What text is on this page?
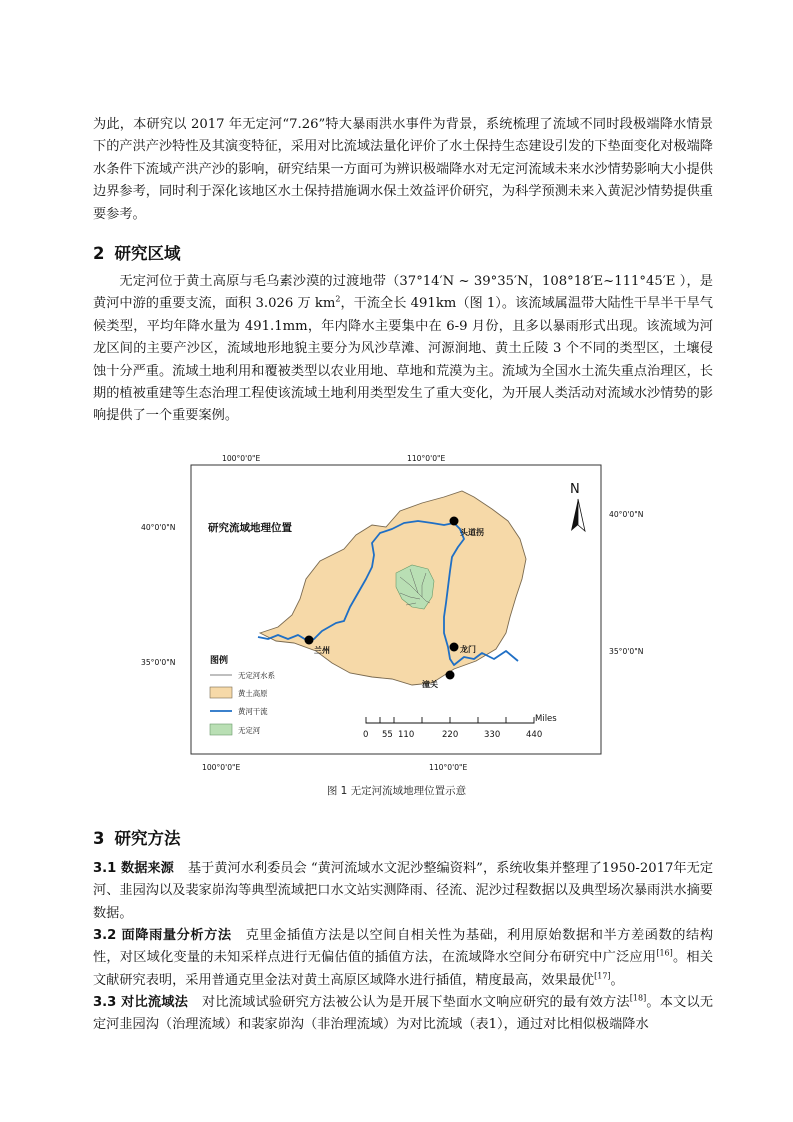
为此，本研究以 2017 年无定河“7.26”特大暴雨洪水事件为背景，系统梳理了流域不同时段极端降水情景下的产洪产沙特性及其演变特征，采用对比流域法量化评价了水土保持生态建设引发的下垫面变化对极端降水条件下流域产洪产沙的影响，研究结果一方面可为辨识极端降水对无定河流域未来水沙情势影响大小提供边界参考，同时利于深化该地区水土保持措施调水保土效益评价研究，为科学预测未来入黄泥沙情势提供重要参考。

2 研究区域

无定河位于黄土高原与毛乌素沙漠的过渡地带（37°14′N ~ 39°35′N，108°18′E~111°45′E ），是黄河中游的重要支流，面积 3.026 万 $km^2$，干流全长 491km（图 1）。该流域属温带大陆性干旱半干旱气候类型，平均年降水量为 491.1mm，年内降水主要集中在 6-9 月份，且多以暴雨形式出现。该流域为河龙区间的主要产沙区，流域地形地貌主要分为风沙草滩、河源涧地、黄土丘陵 3 个不同的类型区，土壤侵蚀十分严重。流域土地利用和覆被类型以农业用地、草地和荒漠为主。流域为全国水土流失重点治理区，长期的植被重建等生态治理工程使该流域土地利用类型发生了重大变化，为开展人类活动对流域水沙情势的影响提供了一个重要案例。

100°0'0"E	110°0'0"E
100°0'0"E	110°0'0"E
40°0'0"N
35°0'0"N
40°0'0"N
35°0'0"N
头道拐
兰州	龙门
潼关
研究流域地理位置
N
图例
无定河水系
黄土高原
黄河干流
无定河
Miles
0 55 110	220	330	440
图 1 无定河流域地理位置示意
3 研究方法

3.1 数据来源 基于黄河水利委员会 “黄河流域水文泥沙整编资料”，系统收集并整理了1950-2017年无定河、韭园沟以及裴家峁沟等典型流域把口水文站实测降雨、径流、泥沙过程数据以及典型场次暴雨洪水摘要数据。

3.2 面降雨量分析方法 克里金插值方法是以空间自相关性为基础，利用原始数据和半方差函数的结构性，对区域化变量的未知采样点进行无偏估值的插值方法，在流域降水空间分布研究中广泛应用[16]。相关文献研究表明，采用普通克里金法对黄土高原区域降水进行插值，精度最高，效果最优[17]。

3.3 对比流域法 对比流域试验研究方法被公认为是开展下垫面水文响应研究的最有效方法[18]。本文以无定河韭园沟（治理流域）和裴家峁沟（非治理流域）为对比流域（表1），通过对比相似极端降水
